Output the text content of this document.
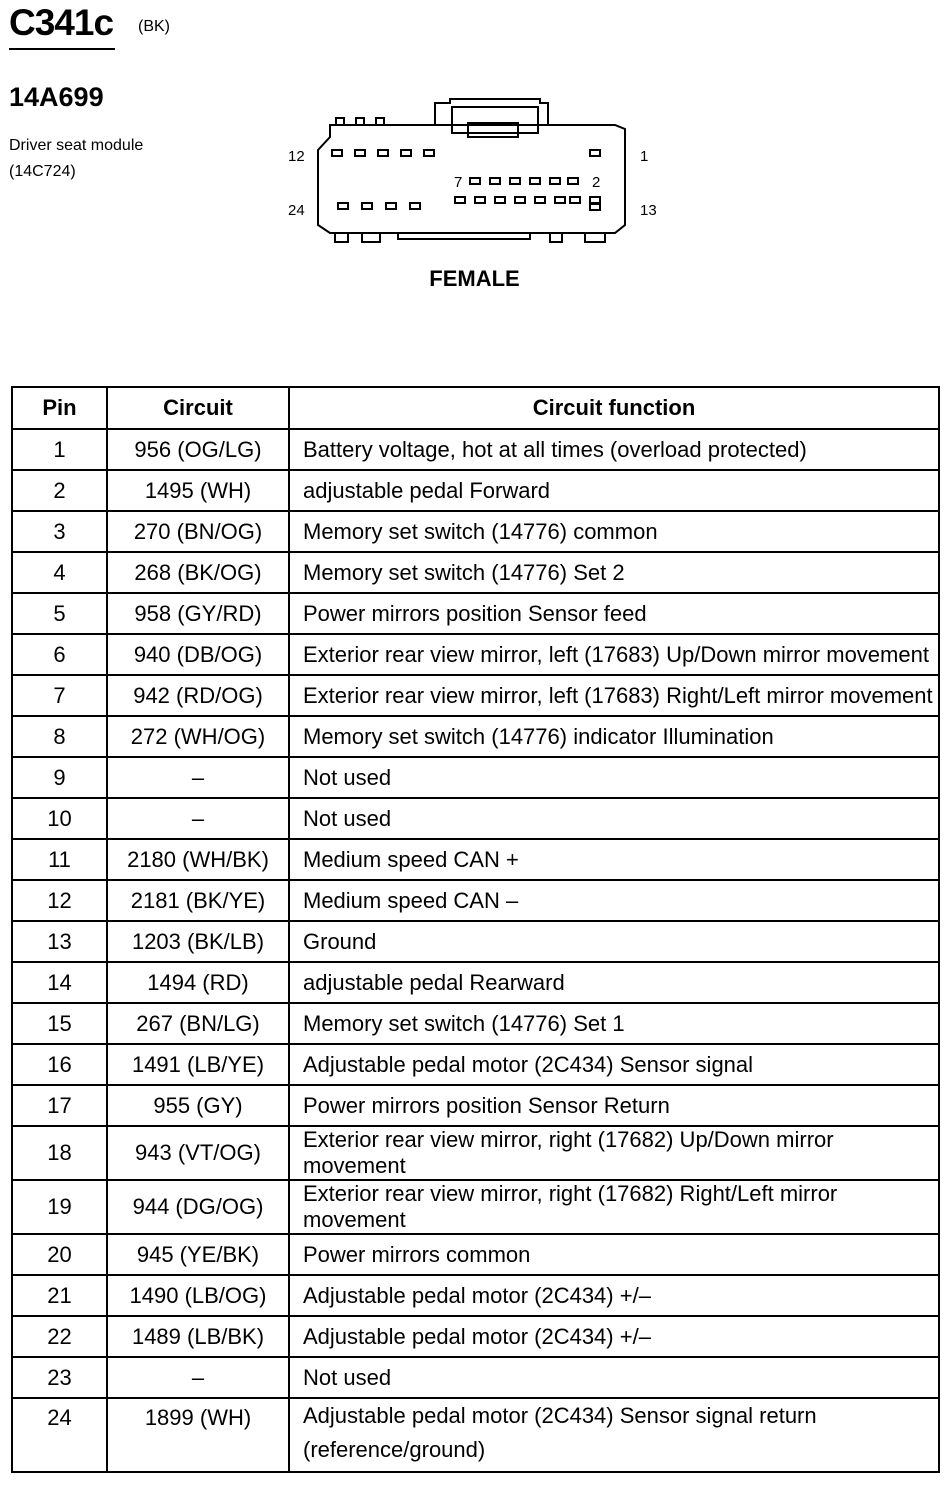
C341c (BK)
14A699
Driver seat module
(14C724)
12	1
24	13
7	2
FEMALE
Pin	Circuit	Circuit function
1	956 (OG/LG)	Battery voltage, hot at all times (overload protected)
2	1495 (WH)	adjustable pedal Forward
3	270 (BN/OG)	Memory set switch (14776) common
4	268 (BK/OG)	Memory set switch (14776) Set 2
5	958 (GY/RD)	Power mirrors position Sensor feed
6	940 (DB/OG)	Exterior rear view mirror, left (17683) Up/Down mirror movement
7	942 (RD/OG)	Exterior rear view mirror, left (17683) Right/Left mirror movement
8	272 (WH/OG)	Memory set switch (14776) indicator Illumination
9	–	Not used
10	–	Not used
11	2180 (WH/BK)	Medium speed CAN +
12	2181 (BK/YE)	Medium speed CAN –
13	1203 (BK/LB)	Ground
14	1494 (RD)	adjustable pedal Rearward
15	267 (BN/LG)	Memory set switch (14776) Set 1
16	1491 (LB/YE)	Adjustable pedal motor (2C434) Sensor signal
17	955 (GY)	Power mirrors position Sensor Return
18	943 (VT/OG)	Exterior rear view mirror, right (17682) Up/Down mirror movement
19	944 (DG/OG)	Exterior rear view mirror, right (17682) Right/Left mirror movement
20	945 (YE/BK)	Power mirrors common
21	1490 (LB/OG)	Adjustable pedal motor (2C434) +/–
22	1489 (LB/BK)	Adjustable pedal motor (2C434) +/–
23	–	Not used
24	1899 (WH)	Adjustable pedal motor (2C434) Sensor signal return (reference/ground)
